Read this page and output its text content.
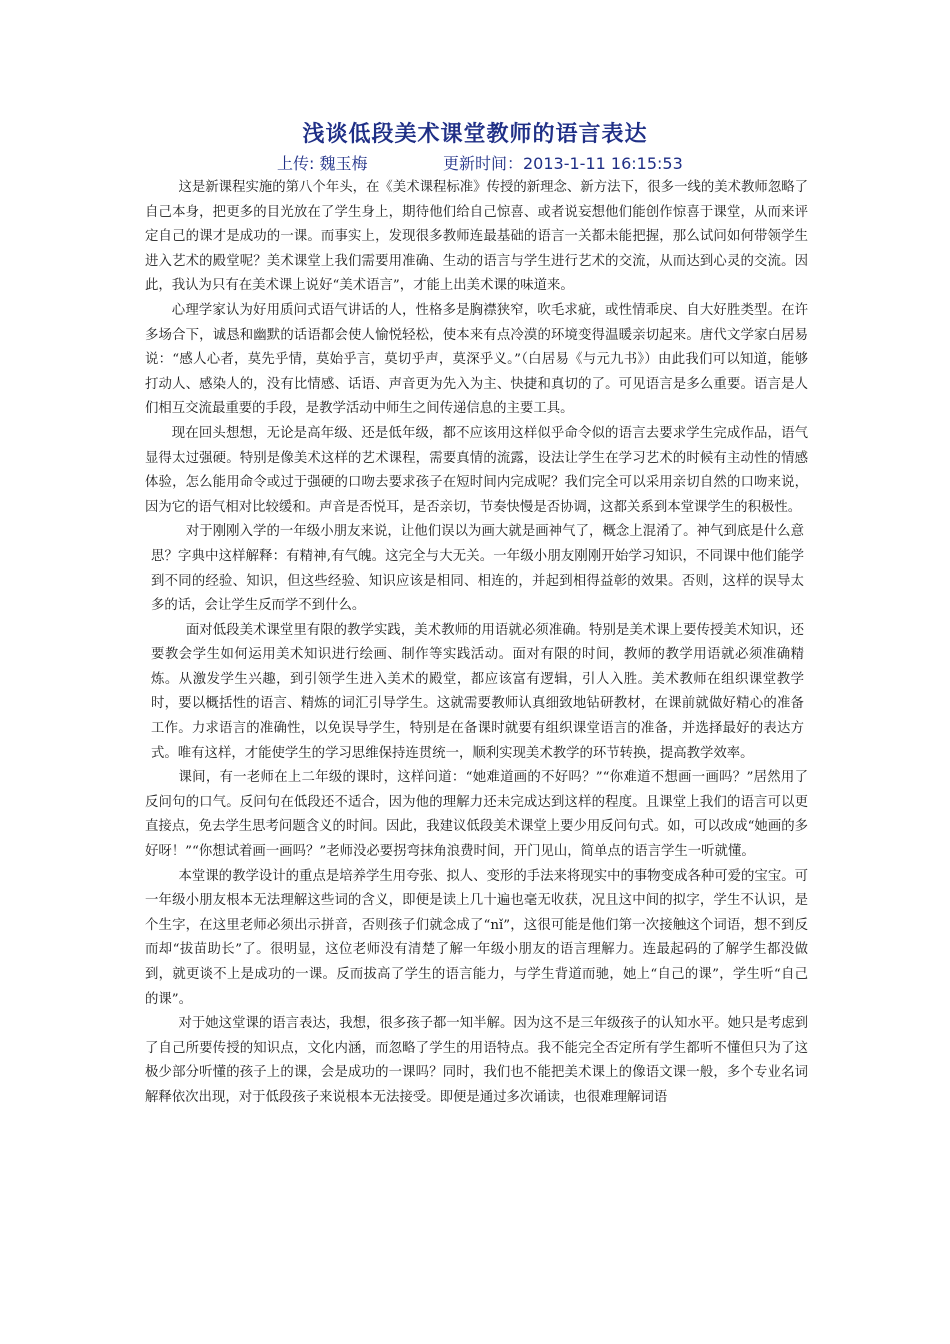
浅谈低段美术课堂教师的语言表达
上传: 魏玉梅	更新时间：2013-1-11 16:15:53

这是新课程实施的第八个年头，在《美术课程标准》传授的新理念、新方法下，很多一线的美术教师忽略了自己本身，把更多的目光放在了学生身上，期待他们给自己惊喜、或者说妄想他们能创作惊喜于课堂，从而来评定自己的课才是成功的一课。而事实上，发现很多教师连最基础的语言一关都未能把握，那么试问如何带领学生进入艺术的殿堂呢？美术课堂上我们需要用准确、生动的语言与学生进行艺术的交流，从而达到心灵的交流。因此，我认为只有在美术课上说好“美术语言”，才能上出美术课的味道来。

心理学家认为好用质问式语气讲话的人，性格多是胸襟狭窄，吹毛求疵，或性情乖戾、自大好胜类型。在许多场合下，诚恳和幽默的话语都会使人愉悦轻松，使本来有点冷漠的环境变得温暖亲切起来。唐代文学家白居易说：“感人心者，莫先乎情，莫始乎言，莫切乎声，莫深乎义。”（白居易《与元九书》）由此我们可以知道，能够打动人、感染人的，没有比情感、话语、声音更为先入为主、快捷和真切的了。可见语言是多么重要。语言是人们相互交流最重要的手段，是教学活动中师生之间传递信息的主要工具。

现在回头想想，无论是高年级、还是低年级，都不应该用这样似乎命令似的语言去要求学生完成作品，语气显得太过强硬。特别是像美术这样的艺术课程，需要真情的流露，设法让学生在学习艺术的时候有主动性的情感体验，怎么能用命令或过于强硬的口吻去要求孩子在短时间内完成呢？我们完全可以采用亲切自然的口吻来说，因为它的语气相对比较缓和。声音是否悦耳，是否亲切，节奏快慢是否协调，这都关系到本堂课学生的积极性。

对于刚刚入学的一年级小朋友来说，让他们误以为画大就是画神气了，概念上混淆了。神气到底是什么意思？字典中这样解释：有精神,有气魄。这完全与大无关。一年级小朋友刚刚开始学习知识，不同课中他们能学到不同的经验、知识，但这些经验、知识应该是相同、相连的，并起到相得益彰的效果。否则，这样的误导太多的话，会让学生反而学不到什么。

面对低段美术课堂里有限的教学实践，美术教师的用语就必须准确。特别是美术课上要传授美术知识，还要教会学生如何运用美术知识进行绘画、制作等实践活动。面对有限的时间，教师的教学用语就必须准确精炼。从激发学生兴趣，到引领学生进入美术的殿堂，都应该富有逻辑，引人入胜。美术教师在组织课堂教学时，要以概括性的语言、精炼的词汇引导学生。这就需要教师认真细致地钻研教材，在课前就做好精心的准备工作。力求语言的准确性，以免误导学生，特别是在备课时就要有组织课堂语言的准备，并选择最好的表达方式。唯有这样，才能使学生的学习思维保持连贯统一，顺利实现美术教学的环节转换，提高教学效率。

课间，有一老师在上二年级的课时，这样问道：“她难道画的不好吗？”“你难道不想画一画吗？”居然用了反问句的口气。反问句在低段还不适合，因为他的理解力还未完成达到这样的程度。且课堂上我们的语言可以更直接点，免去学生思考问题含义的时间。因此，我建议低段美术课堂上要少用反问句式。如，可以改成“她画的多好呀！”“你想试着画一画吗？”老师没必要拐弯抹角浪费时间，开门见山，简单点的语言学生一听就懂。

本堂课的教学设计的重点是培养学生用夸张、拟人、变形的手法来将现实中的事物变成各种可爱的宝宝。可一年级小朋友根本无法理解这些词的含义，即便是读上几十遍也毫无收获，况且这中间的拟字，学生不认识，是个生字，在这里老师必须出示拼音，否则孩子们就念成了“nǐ”，这很可能是他们第一次接触这个词语，想不到反而却“拔苗助长”了。很明显，这位老师没有清楚了解一年级小朋友的语言理解力。连最起码的了解学生都没做到，就更谈不上是成功的一课。反而拔高了学生的语言能力，与学生背道而驰，她上“自己的课”，学生听“自己的课”。

对于她这堂课的语言表达，我想，很多孩子都一知半解。因为这不是三年级孩子的认知水平。她只是考虑到了自己所要传授的知识点，文化内涵，而忽略了学生的用语特点。我不能完全否定所有学生都听不懂但只为了这极少部分听懂的孩子上的课，会是成功的一课吗？同时，我们也不能把美术课上的像语文课一般，多个专业名词解释依次出现，对于低段孩子来说根本无法接受。即便是通过多次诵读，也很难理解词语
